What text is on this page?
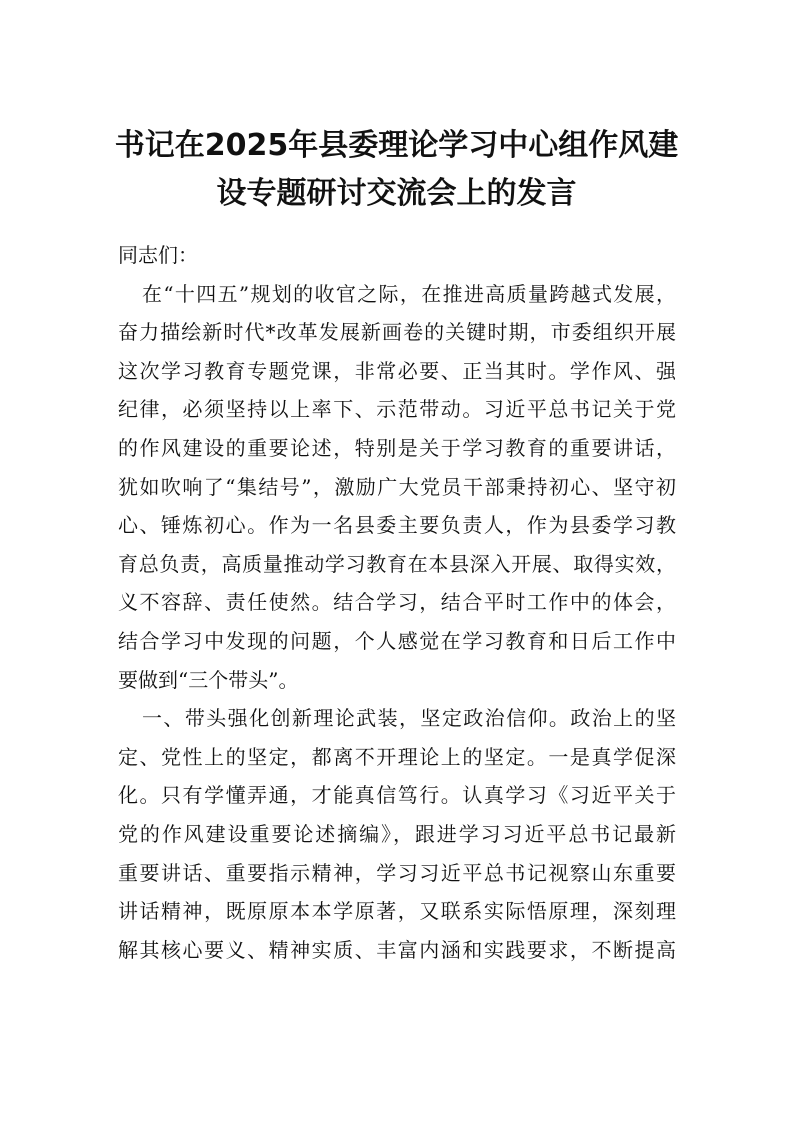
书记在2025年县委理论学习中心组作风建
设专题研讨交流会上的发言
同志们：
在“十四五”规划的收官之际，在推进高质量跨越式发展，
奋力描绘新时代*改革发展新画卷的关键时期，市委组织开展
这次学习教育专题党课，非常必要、正当其时。学作风、强
纪律，必须坚持以上率下、示范带动。习近平总书记关于党
的作风建设的重要论述，特别是关于学习教育的重要讲话，
犹如吹响了“集结号”，激励广大党员干部秉持初心、坚守初
心、锤炼初心。作为一名县委主要负责人，作为县委学习教
育总负责，高质量推动学习教育在本县深入开展、取得实效，
义不容辞、责任使然。结合学习，结合平时工作中的体会，
结合学习中发现的问题，个人感觉在学习教育和日后工作中
要做到“三个带头”。
一、带头强化创新理论武装，坚定政治信仰。政治上的坚
定、党性上的坚定，都离不开理论上的坚定。一是真学促深
化。只有学懂弄通，才能真信笃行。认真学习《习近平关于
党的作风建设重要论述摘编》，跟进学习习近平总书记最新
重要讲话、重要指示精神，学习习近平总书记视察山东重要
讲话精神，既原原本本学原著，又联系实际悟原理，深刻理
解其核心要义、精神实质、丰富内涵和实践要求，不断提高
